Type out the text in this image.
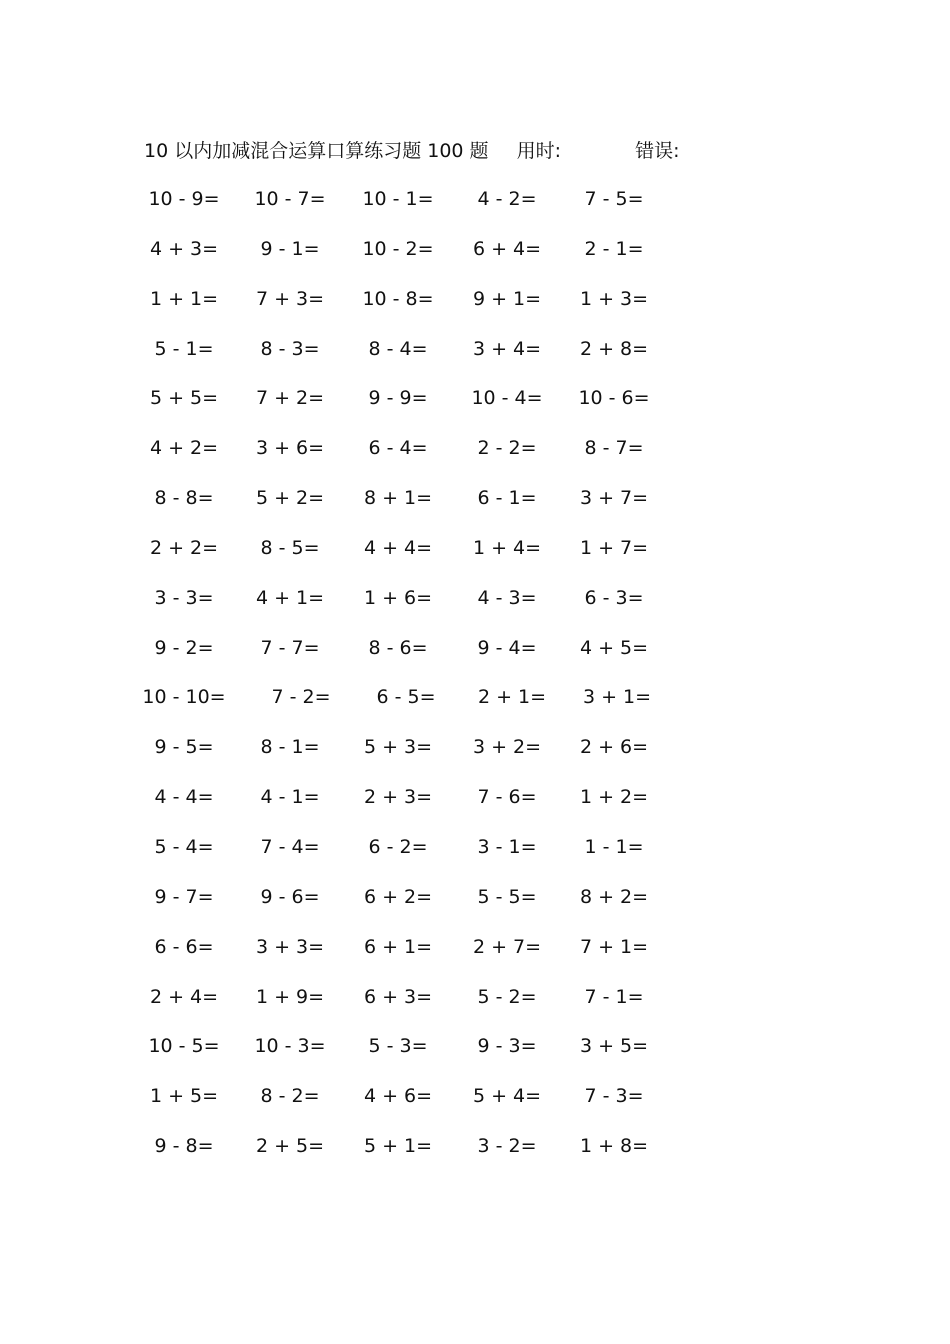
10 以内加减混合运算口算练习题 100 题 用时:	错误:
10 - 9=	10 - 7=	10 - 1=	4 - 2=	7 - 5=
4 + 3=	9 - 1=	10 - 2=	6 + 4=	2 - 1=
1 + 1=	7 + 3=	10 - 8=	9 + 1=	1 + 3=
5 - 1=	8 - 3=	8 - 4=	3 + 4=	2 + 8=
5 + 5=	7 + 2=	9 - 9=	10 - 4=	10 - 6=
4 + 2=	3 + 6=	6 - 4=	2 - 2=	8 - 7=
8 - 8=	5 + 2=	8 + 1=	6 - 1=	3 + 7=
2 + 2=	8 - 5=	4 + 4=	1 + 4=	1 + 7=
3 - 3=	4 + 1=	1 + 6=	4 - 3=	6 - 3=
9 - 2=	7 - 7=	8 - 6=	9 - 4=	4 + 5=
10 - 10=	7 - 2=	6 - 5=	2 + 1=	3 + 1=
9 - 5=	8 - 1=	5 + 3=	3 + 2=	2 + 6=
4 - 4=	4 - 1=	2 + 3=	7 - 6=	1 + 2=
5 - 4=	7 - 4=	6 - 2=	3 - 1=	1 - 1=
9 - 7=	9 - 6=	6 + 2=	5 - 5=	8 + 2=
6 - 6=	3 + 3=	6 + 1=	2 + 7=	7 + 1=
2 + 4=	1 + 9=	6 + 3=	5 - 2=	7 - 1=
10 - 5=	10 - 3=	5 - 3=	9 - 3=	3 + 5=
1 + 5=	8 - 2=	4 + 6=	5 + 4=	7 - 3=
9 - 8=	2 + 5=	5 + 1=	3 - 2=	1 + 8=
